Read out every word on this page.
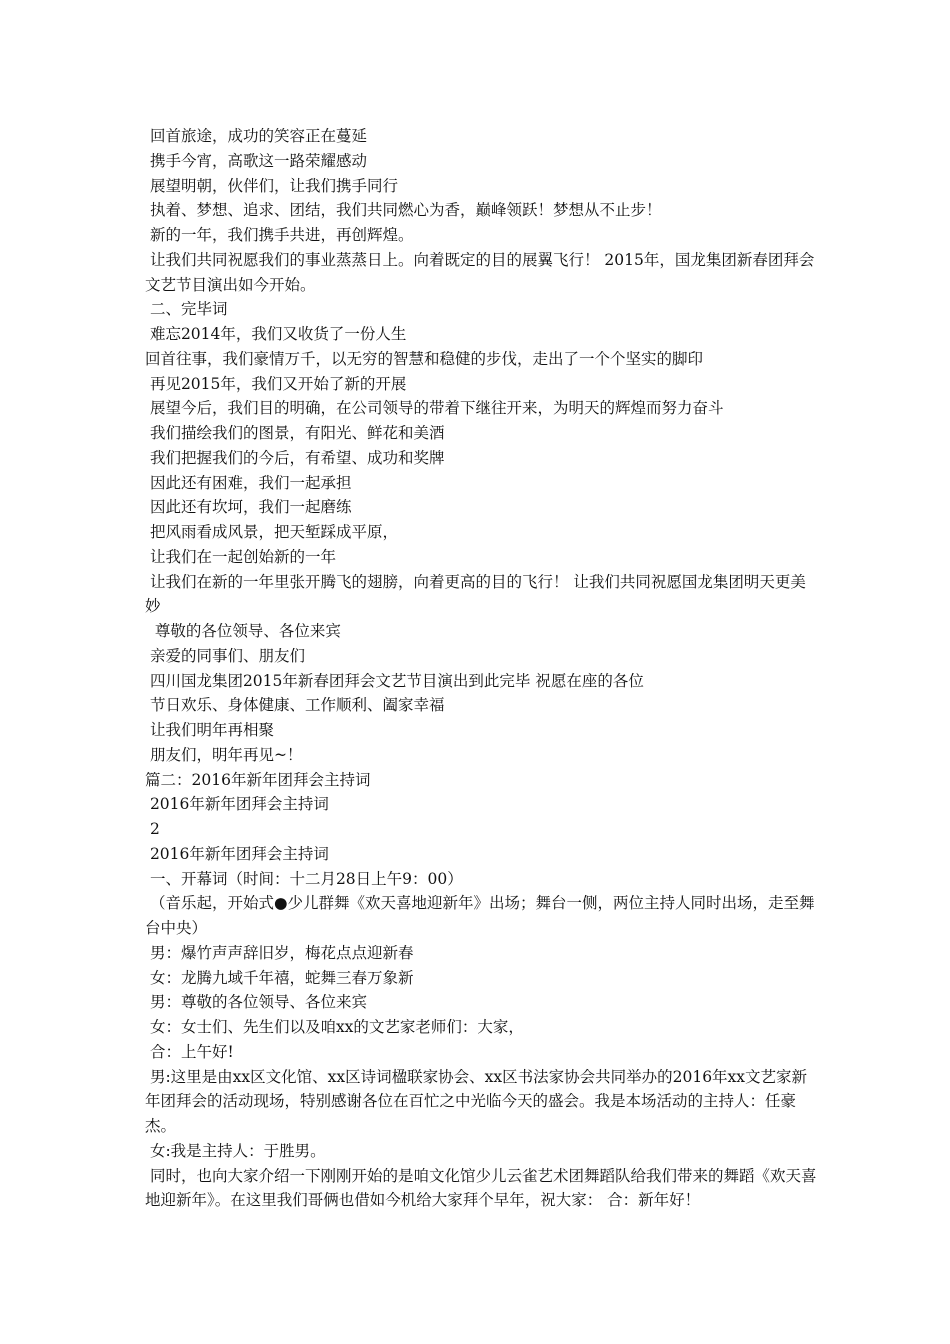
回首旅途，成功的笑容正在蔓延

携手今宵，高歌这一路荣耀感动

展望明朝，伙伴们，让我们携手同行

执着、梦想、追求、团结，我们共同燃心为香，巅峰领跃！梦想从不止步！

新的一年，我们携手共进，再创辉煌。

让我们共同祝愿我们的事业蒸蒸日上。向着既定的目的展翼飞行！ 2015年，国龙集团新春团拜会文艺节目演出如今开始。

二、完毕词

难忘2014年，我们又收货了一份人生

回首往事，我们豪情万千，以无穷的智慧和稳健的步伐，走出了一个个坚实的脚印

再见2015年，我们又开始了新的开展

展望今后，我们目的明确，在公司领导的带着下继往开来，为明天的辉煌而努力奋斗

我们描绘我们的图景，有阳光、鲜花和美酒

我们把握我们的今后，有希望、成功和奖牌

因此还有困难，我们一起承担

因此还有坎坷，我们一起磨练

把风雨看成风景，把天堑踩成平原，

让我们在一起创始新的一年

让我们在新的一年里张开腾飞的翅膀，向着更高的目的飞行！ 让我们共同祝愿国龙集团明天更美妙

尊敬的各位领导、各位来宾

亲爱的同事们、朋友们

四川国龙集团2015年新春团拜会文艺节目演出到此完毕 祝愿在座的各位

节日欢乐、身体健康、工作顺利、阖家幸福

让我们明年再相聚

朋友们，明年再见~！

篇二：2016年新年团拜会主持词

2016年新年团拜会主持词

2

2016年新年团拜会主持词

一、开幕词（时间：十二月28日上午9：00）

（音乐起，开始式●少儿群舞《欢天喜地迎新年》出场；舞台一侧，两位主持人同时出场，走至舞台中央）

男：爆竹声声辞旧岁，梅花点点迎新春

女：龙腾九域千年禧，蛇舞三春万象新

男：尊敬的各位领导、各位来宾

女：女士们、先生们以及咱xx的文艺家老师们：大家，

合：上午好!

男:这里是由xx区文化馆、xx区诗词楹联家协会、xx区书法家协会共同举办的2016年xx文艺家新年团拜会的活动现场，特别感谢各位在百忙之中光临今天的盛会。我是本场活动的主持人：任豪杰。

女:我是主持人：于胜男。

同时，也向大家介绍一下刚刚开始的是咱文化馆少儿云雀艺术团舞蹈队给我们带来的舞蹈《欢天喜地迎新年》。在这里我们哥俩也借如今机给大家拜个早年，祝大家： 合：新年好！
